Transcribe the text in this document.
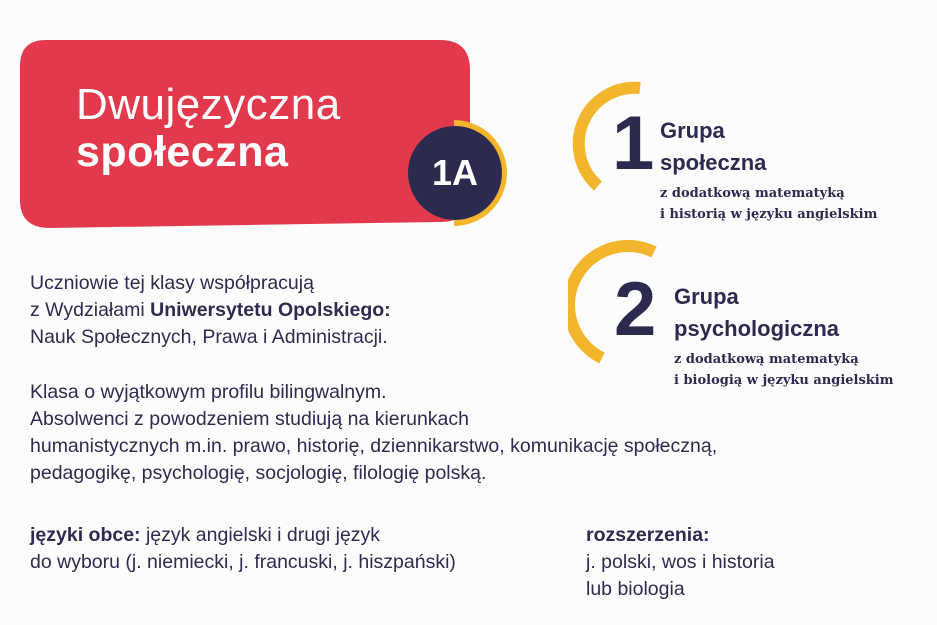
Dwujęzyczna
społeczna	1A	1 Grupa
społeczna
z dodatkową matematyką
i historią w języku angielskim
2 Grupa
psychologiczna
z dodatkową matematyką
i biologią w języku angielskim
Uczniowie tej klasy współpracują
z Wydziałami Uniwersytetu Opolskiego:
Nauk Społecznych, Prawa i Administracji.
Klasa o wyjątkowym profilu bilingwalnym.
Absolwenci z powodzeniem studiują na kierunkach
humanistycznych m.in. prawo, historię, dziennikarstwo, komunikację społeczną,
pedagogikę, psychologię, socjologię, filologię polską.
języki obce: język angielski i drugi język
do wyboru (j. niemiecki, j. francuski, j. hiszpański)
rozszerzenia:
j. polski, wos i historia
lub biologia
